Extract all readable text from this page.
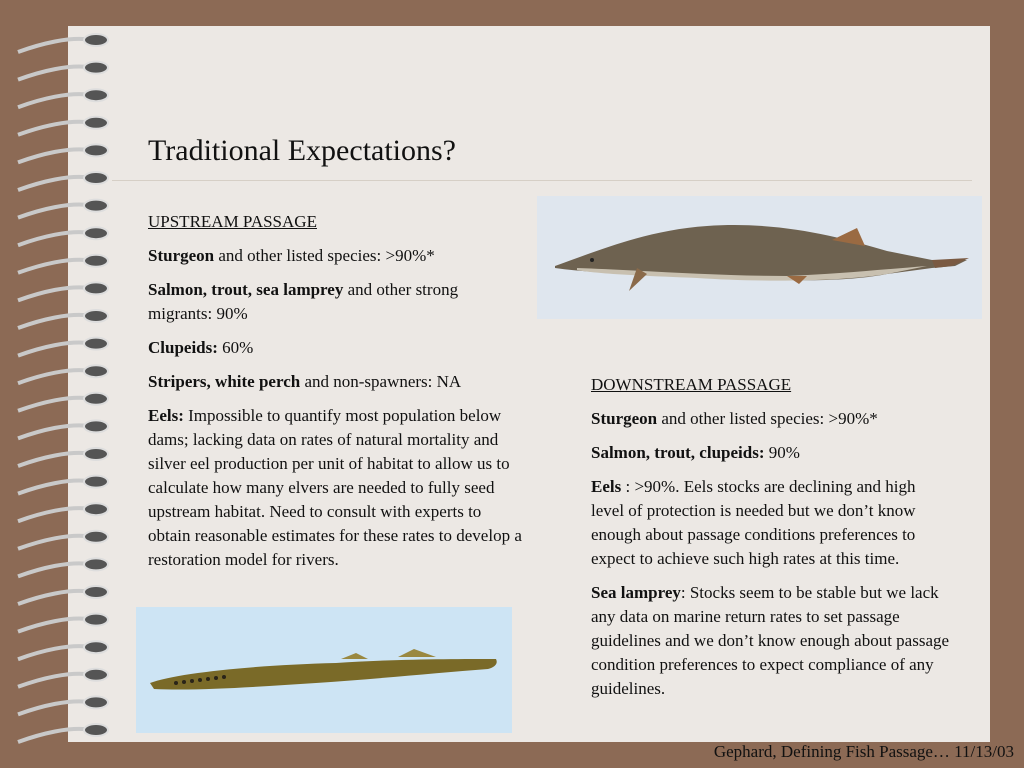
Traditional Expectations?

UPSTREAM PASSAGE

Sturgeon and other listed species: >90%*

Salmon, trout, sea lamprey and other strong migrants: 90%

Clupeids: 60%

Stripers, white perch and non-spawners: NA

Eels: Impossible to quantify most population below dams; lacking data on rates of natural mortality and silver eel production per unit of habitat to allow us to calculate how many elvers are needed to fully seed upstream habitat. Need to consult with experts to obtain reasonable estimates for these rates to develop a restoration model for rivers.

DOWNSTREAM PASSAGE

Sturgeon and other listed species: >90%*

Salmon, trout, clupeids: 90%

Eels : >90%. Eels stocks are declining and high level of protection is needed but we don’t know enough about passage conditions preferences to expect to achieve such high rates at this time.

Sea lamprey: Stocks seem to be stable but we lack any data on marine return rates to set passage guidelines and we don’t know enough about passage condition preferences to expect compliance of any guidelines.

Gephard, Defining Fish Passage… 11/13/03
